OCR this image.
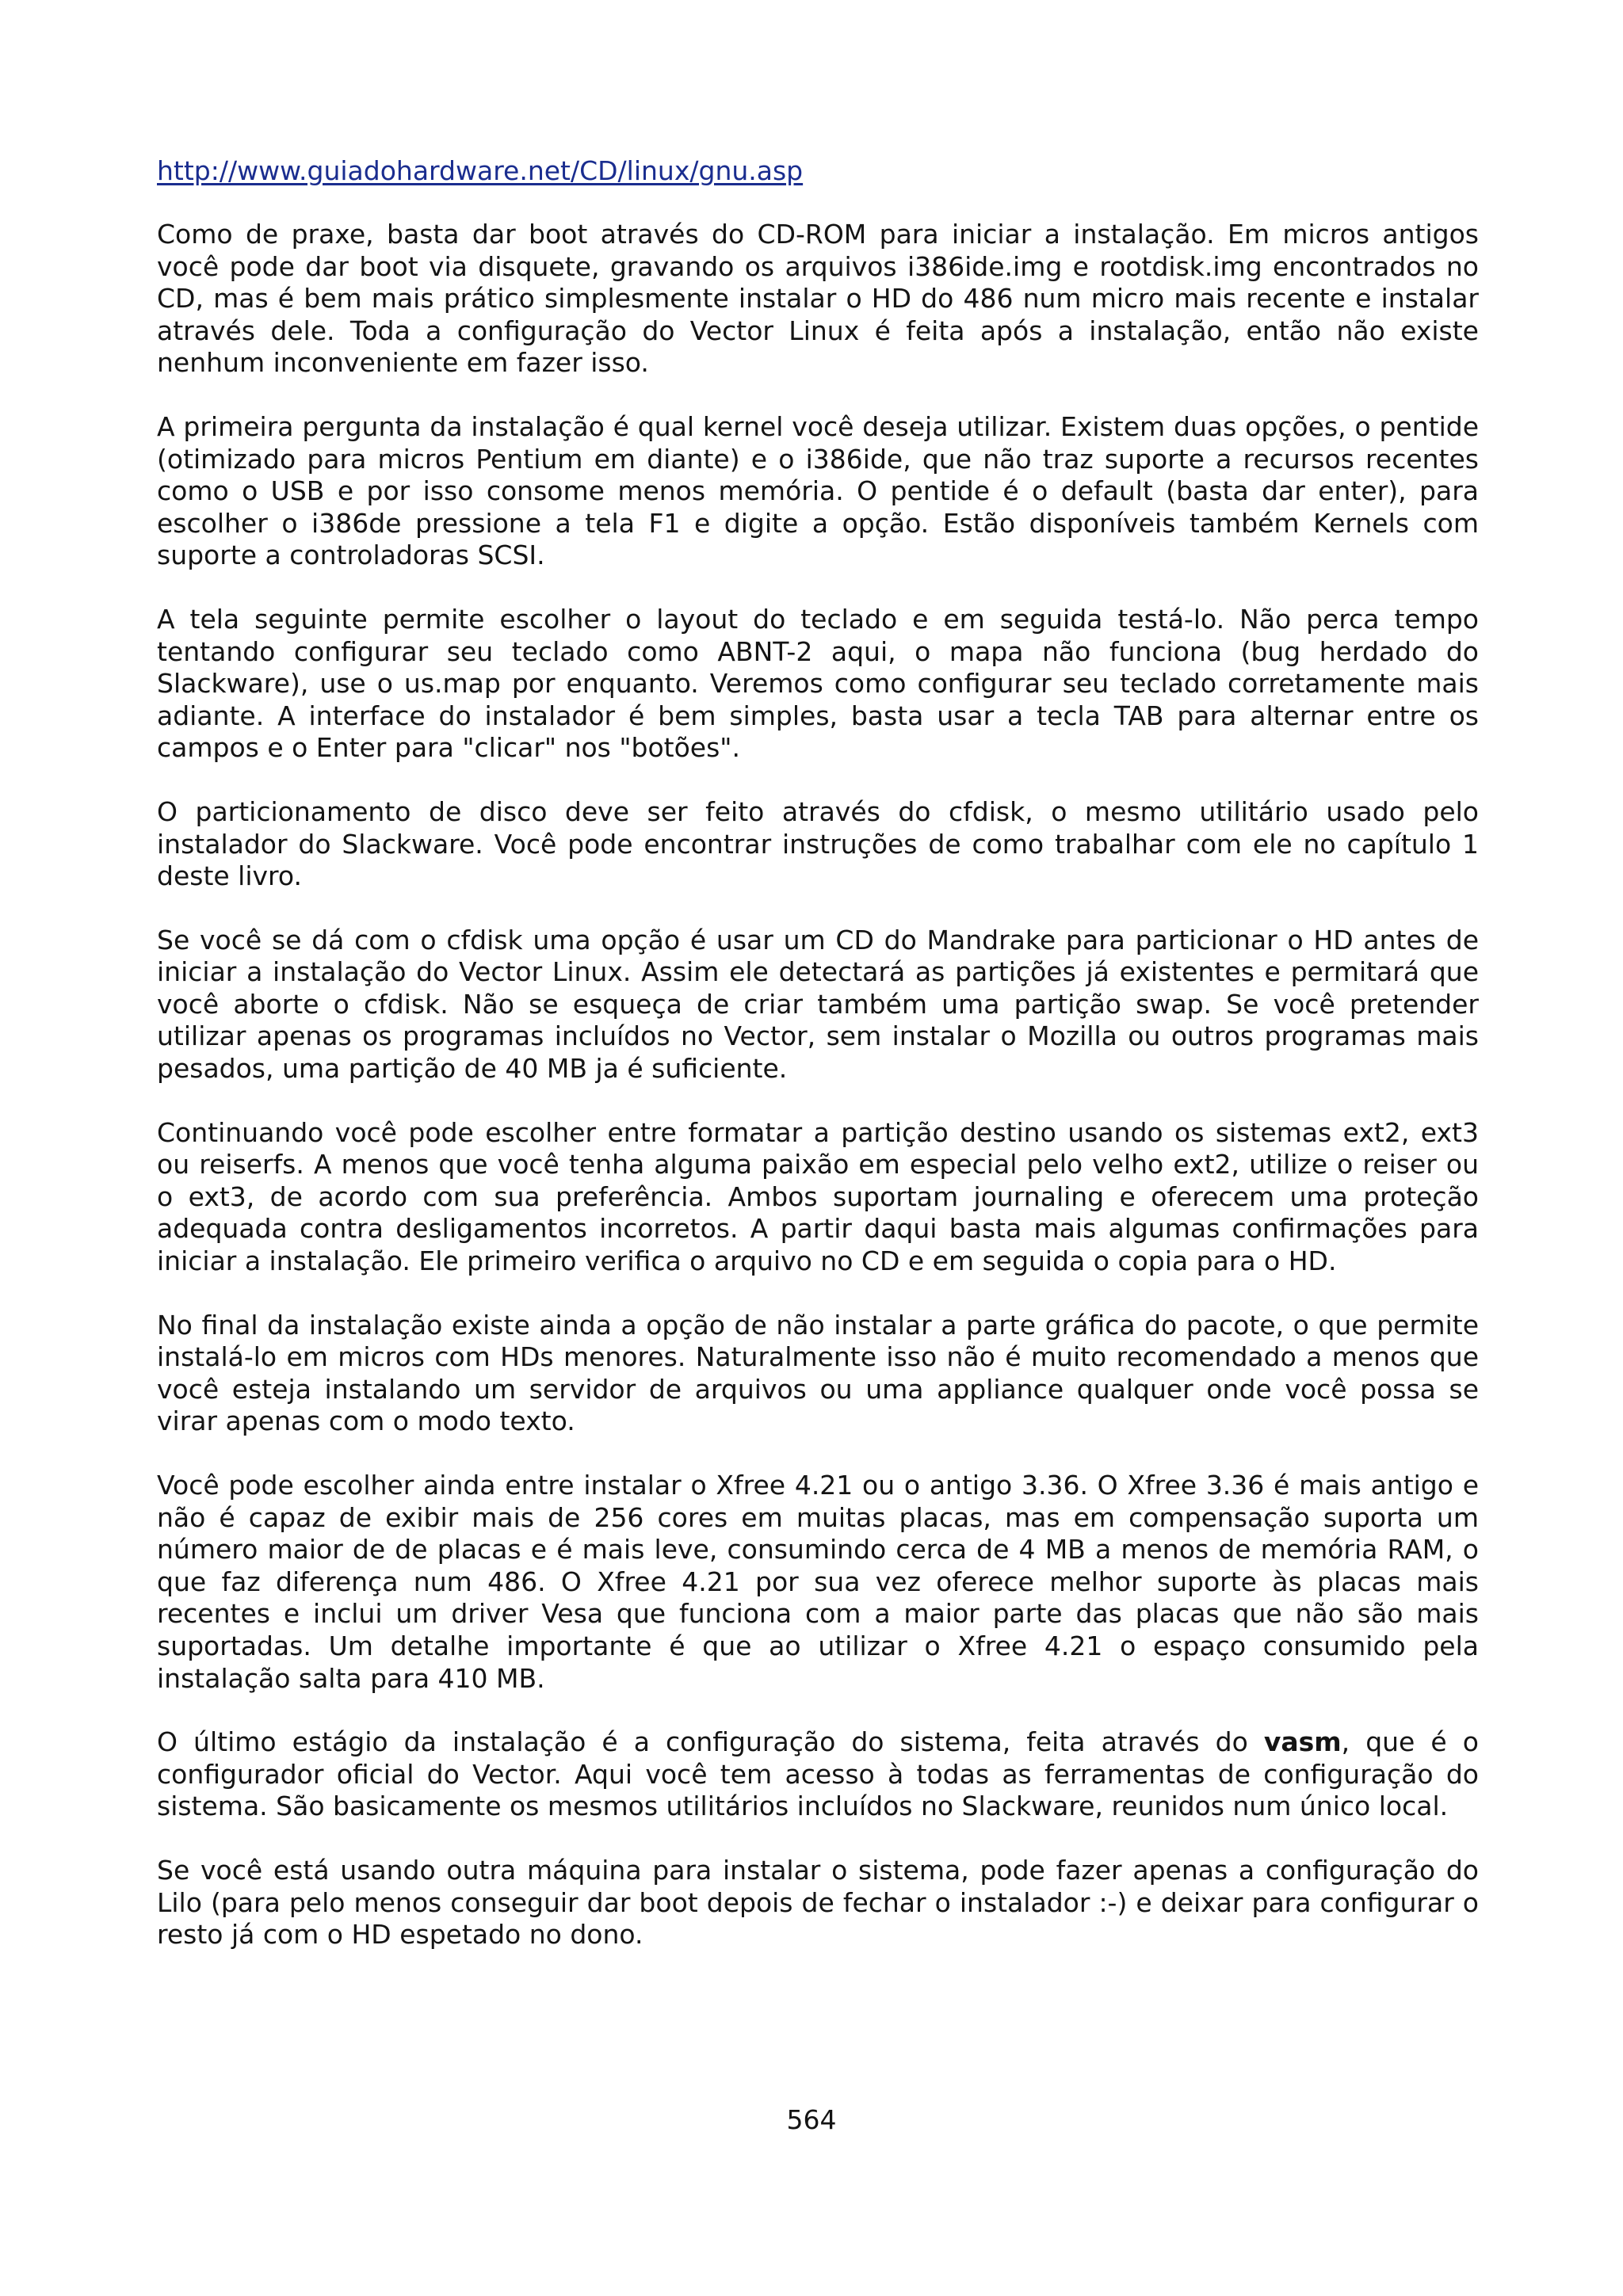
http://www.guiadohardware.net/CD/linux/gnu.asp

Como de praxe, basta dar boot através do CD-ROM para iniciar a instalação. Em micros antigos você pode dar boot via disquete, gravando os arquivos i386ide.img e rootdisk.img encontrados no CD, mas é bem mais prático simplesmente instalar o HD do 486 num micro mais recente e instalar através dele. Toda a configuração do Vector Linux é feita após a instalação, então não existe nenhum inconveniente em fazer isso.

A primeira pergunta da instalação é qual kernel você deseja utilizar. Existem duas opções, o pentide (otimizado para micros Pentium em diante) e o i386ide, que não traz suporte a recursos recentes como o USB e por isso consome menos memória. O pentide é o default (basta dar enter), para escolher o i386de pressione a tela F1 e digite a opção. Estão disponíveis também Kernels com suporte a controladoras SCSI.

A tela seguinte permite escolher o layout do teclado e em seguida testá-lo. Não perca tempo tentando configurar seu teclado como ABNT-2 aqui, o mapa não funciona (bug herdado do Slackware), use o us.map por enquanto. Veremos como configurar seu teclado corretamente mais adiante. A interface do instalador é bem simples, basta usar a tecla TAB para alternar entre os campos e o Enter para "clicar" nos "botões".

O particionamento de disco deve ser feito através do cfdisk, o mesmo utilitário usado pelo instalador do Slackware. Você pode encontrar instruções de como trabalhar com ele no capítulo 1 deste livro.

Se você se dá com o cfdisk uma opção é usar um CD do Mandrake para particionar o HD antes de iniciar a instalação do Vector Linux. Assim ele detectará as partições já existentes e permitará que você aborte o cfdisk. Não se esqueça de criar também uma partição swap. Se você pretender utilizar apenas os programas incluídos no Vector, sem instalar o Mozilla ou outros programas mais pesados, uma partição de 40 MB ja é suficiente.

Continuando você pode escolher entre formatar a partição destino usando os sistemas ext2, ext3 ou reiserfs. A menos que você tenha alguma paixão em especial pelo velho ext2, utilize o reiser ou o ext3, de acordo com sua preferência. Ambos suportam journaling e oferecem uma proteção adequada contra desligamentos incorretos. A partir daqui basta mais algumas confirmações para iniciar a instalação. Ele primeiro verifica o arquivo no CD e em seguida o copia para o HD.

No final da instalação existe ainda a opção de não instalar a parte gráfica do pacote, o que permite instalá-lo em micros com HDs menores. Naturalmente isso não é muito recomendado a menos que você esteja instalando um servidor de arquivos ou uma appliance qualquer onde você possa se virar apenas com o modo texto.

Você pode escolher ainda entre instalar o Xfree 4.21 ou o antigo 3.36. O Xfree 3.36 é mais antigo e não é capaz de exibir mais de 256 cores em muitas placas, mas em compensação suporta um número maior de de placas e é mais leve, consumindo cerca de 4 MB a menos de memória RAM, o que faz diferença num 486. O Xfree 4.21 por sua vez oferece melhor suporte às placas mais recentes e inclui um driver Vesa que funciona com a maior parte das placas que não são mais suportadas. Um detalhe importante é que ao utilizar o Xfree 4.21 o espaço consumido pela instalação salta para 410 MB.

O último estágio da instalação é a configuração do sistema, feita através do vasm, que é o configurador oficial do Vector. Aqui você tem acesso à todas as ferramentas de configuração do sistema. São basicamente os mesmos utilitários incluídos no Slackware, reunidos num único local.

Se você está usando outra máquina para instalar o sistema, pode fazer apenas a configuração do Lilo (para pelo menos conseguir dar boot depois de fechar o instalador :-) e deixar para configurar o resto já com o HD espetado no dono.

564
